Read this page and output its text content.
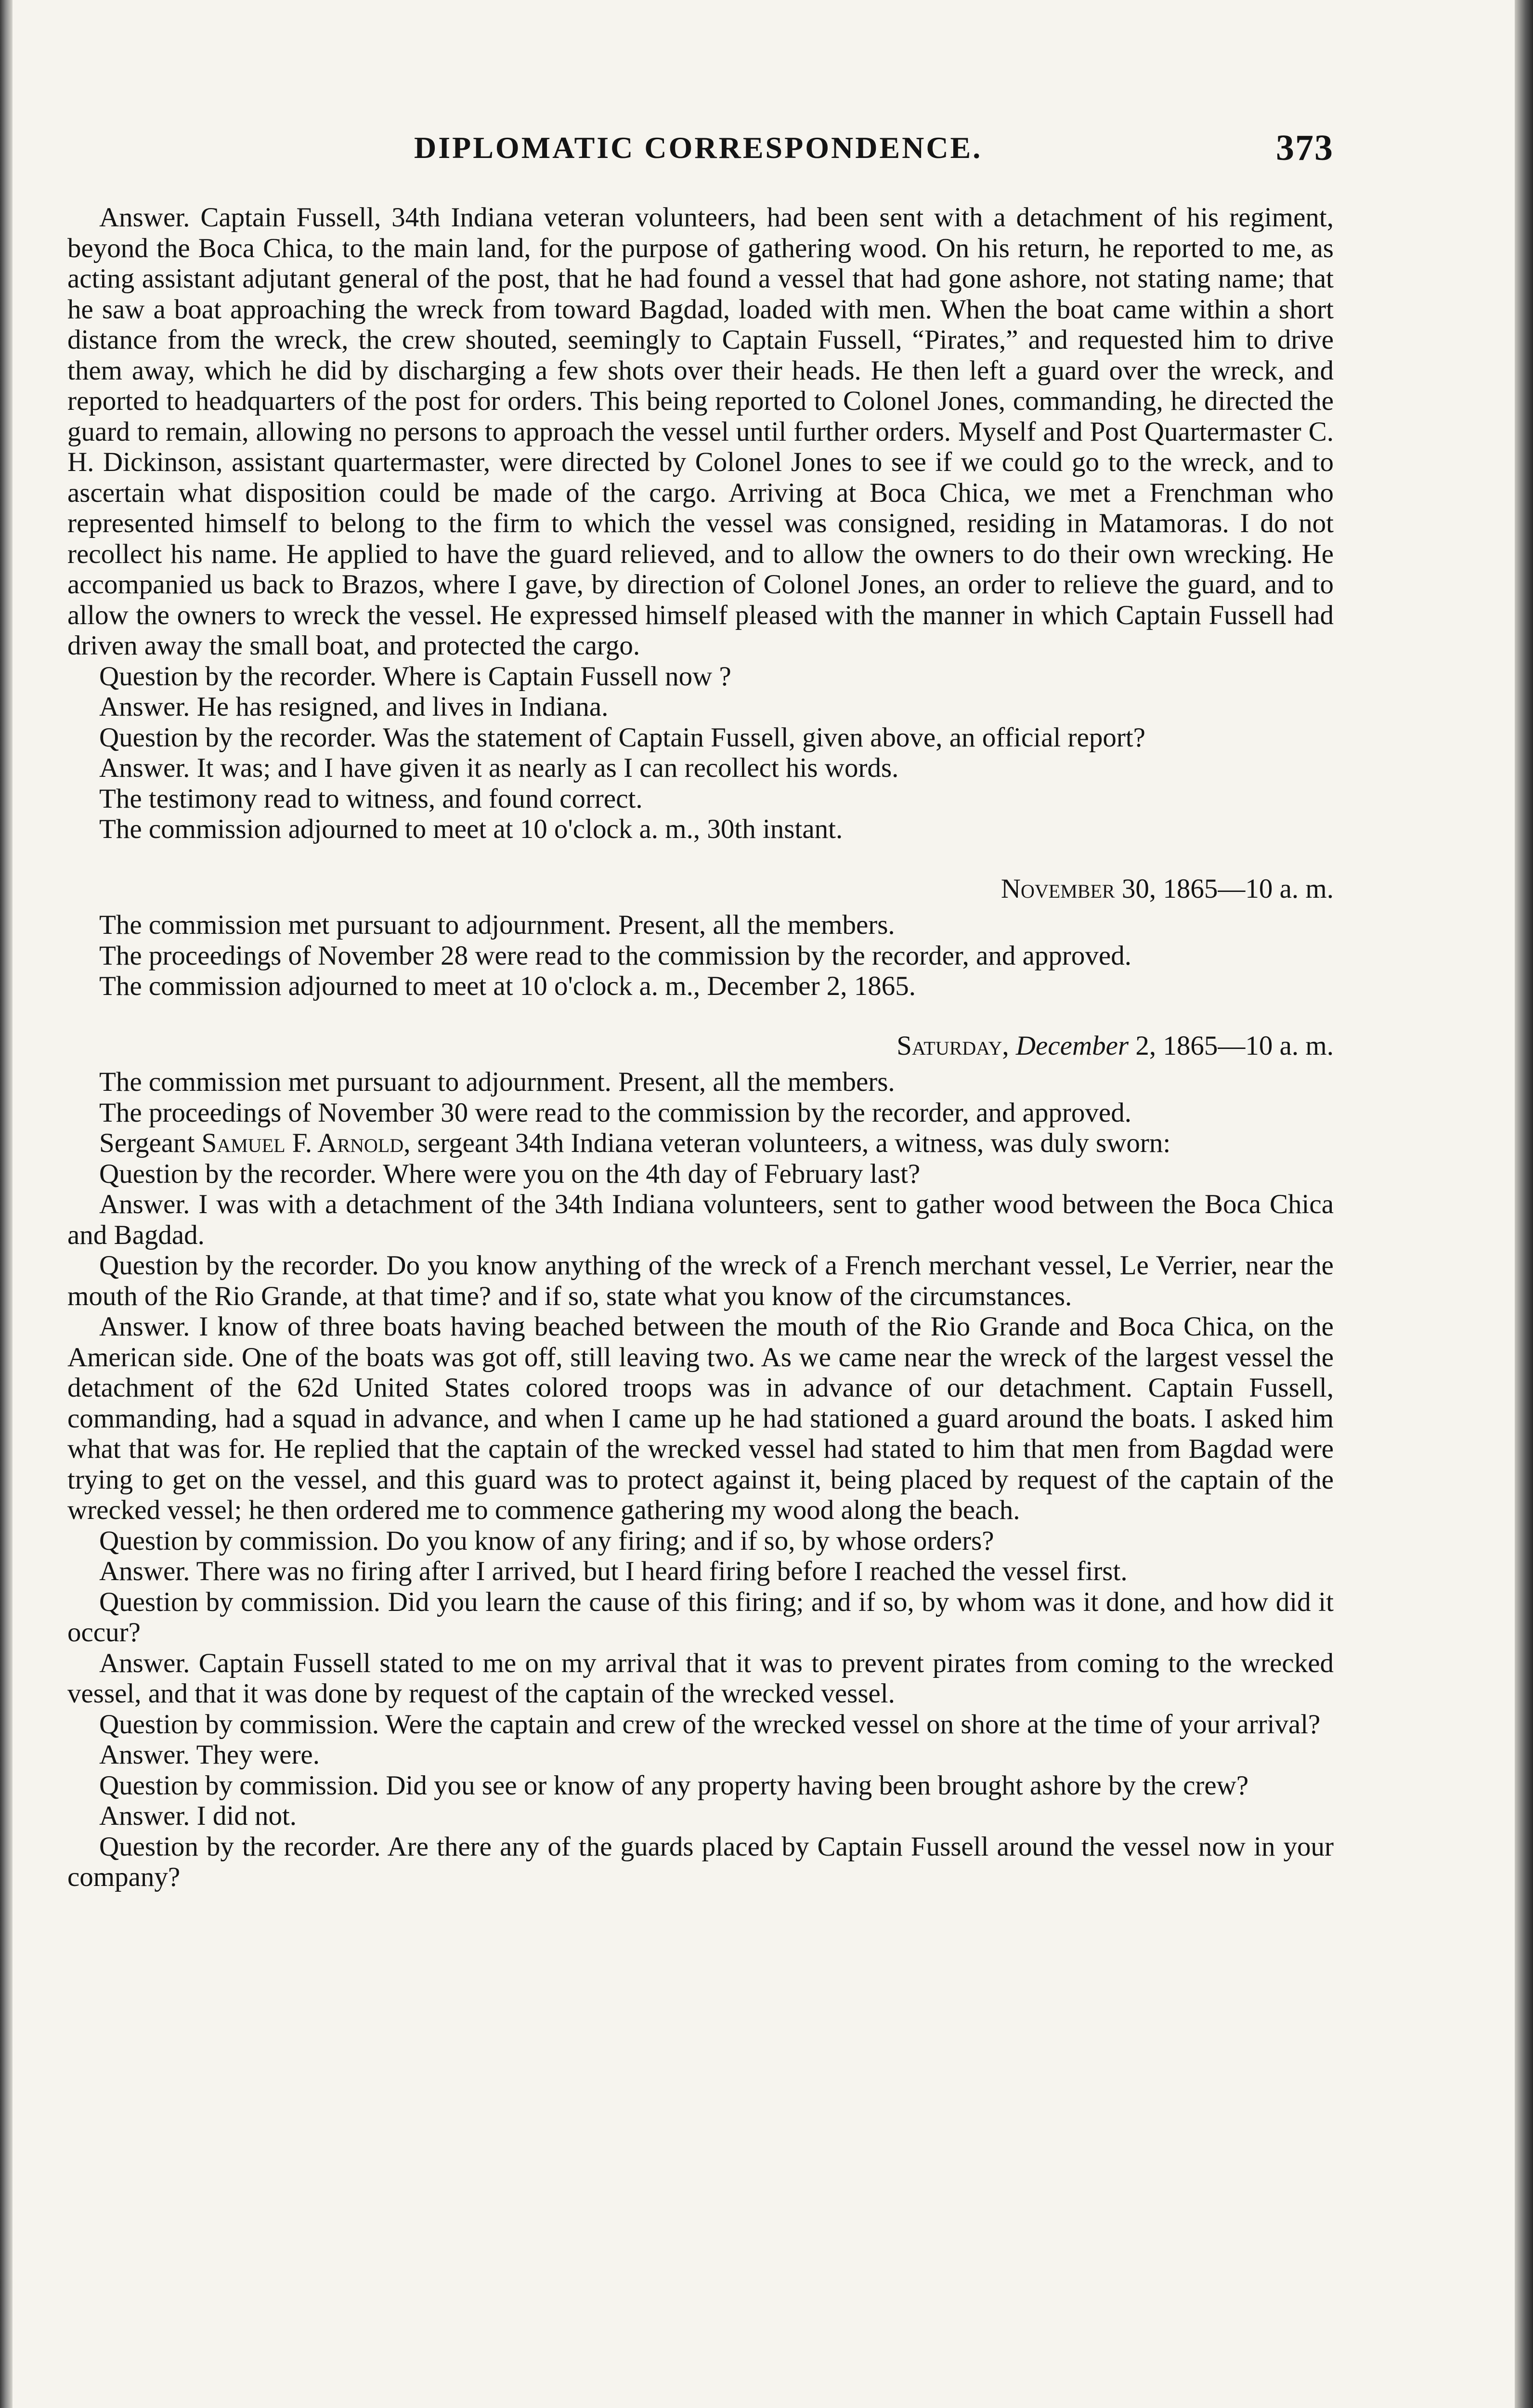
DIPLOMATIC CORRESPONDENCE.	373

Answer. Captain Fussell, 34th Indiana veteran volunteers, had been sent with a detachment of his regiment, beyond the Boca Chica, to the main land, for the purpose of gathering wood. On his return, he reported to me, as acting assistant adjutant general of the post, that he had found a vessel that had gone ashore, not stating name; that he saw a boat approaching the wreck from toward Bagdad, loaded with men. When the boat came within a short distance from the wreck, the crew shouted, seemingly to Captain Fussell, “Pirates,” and requested him to drive them away, which he did by discharging a few shots over their heads. He then left a guard over the wreck, and reported to headquarters of the post for orders. This being reported to Colonel Jones, commanding, he directed the guard to remain, allowing no persons to approach the vessel until further orders. Myself and Post Quartermaster C. H. Dickinson, assistant quartermaster, were directed by Colonel Jones to see if we could go to the wreck, and to ascertain what disposition could be made of the cargo. Arriving at Boca Chica, we met a Frenchman who represented himself to belong to the firm to which the vessel was consigned, residing in Matamoras. I do not recollect his name. He applied to have the guard relieved, and to allow the owners to do their own wrecking. He accompanied us back to Brazos, where I gave, by direction of Colonel Jones, an order to relieve the guard, and to allow the owners to wreck the vessel. He expressed himself pleased with the manner in which Captain Fussell had driven away the small boat, and protected the cargo.

Question by the recorder. Where is Captain Fussell now ?

Answer. He has resigned, and lives in Indiana.

Question by the recorder. Was the statement of Captain Fussell, given above, an official report?

Answer. It was; and I have given it as nearly as I can recollect his words.

The testimony read to witness, and found correct.

The commission adjourned to meet at 10 o'clock a. m., 30th instant.

November 30, 1865—10 a. m.

The commission met pursuant to adjournment. Present, all the members.

The proceedings of November 28 were read to the commission by the recorder, and approved.

The commission adjourned to meet at 10 o'clock a. m., December 2, 1865.

Saturday, December 2, 1865—10 a. m.

The commission met pursuant to adjournment. Present, all the members.

The proceedings of November 30 were read to the commission by the recorder, and approved.

Sergeant Samuel F. Arnold, sergeant 34th Indiana veteran volunteers, a witness, was duly sworn:

Question by the recorder. Where were you on the 4th day of February last?

Answer. I was with a detachment of the 34th Indiana volunteers, sent to gather wood between the Boca Chica and Bagdad.

Question by the recorder. Do you know anything of the wreck of a French merchant vessel, Le Verrier, near the mouth of the Rio Grande, at that time? and if so, state what you know of the circumstances.

Answer. I know of three boats having beached between the mouth of the Rio Grande and Boca Chica, on the American side. One of the boats was got off, still leaving two. As we came near the wreck of the largest vessel the detachment of the 62d United States colored troops was in advance of our detachment. Captain Fussell, commanding, had a squad in advance, and when I came up he had stationed a guard around the boats. I asked him what that was for. He replied that the captain of the wrecked vessel had stated to him that men from Bagdad were trying to get on the vessel, and this guard was to protect against it, being placed by request of the captain of the wrecked vessel; he then ordered me to commence gathering my wood along the beach.

Question by commission. Do you know of any firing; and if so, by whose orders?

Answer. There was no firing after I arrived, but I heard firing before I reached the vessel first.

Question by commission. Did you learn the cause of this firing; and if so, by whom was it done, and how did it occur?

Answer. Captain Fussell stated to me on my arrival that it was to prevent pirates from coming to the wrecked vessel, and that it was done by request of the captain of the wrecked vessel.

Question by commission. Were the captain and crew of the wrecked vessel on shore at the time of your arrival?

Answer. They were.

Question by commission. Did you see or know of any property having been brought ashore by the crew?

Answer. I did not.

Question by the recorder. Are there any of the guards placed by Captain Fussell around the vessel now in your company?
